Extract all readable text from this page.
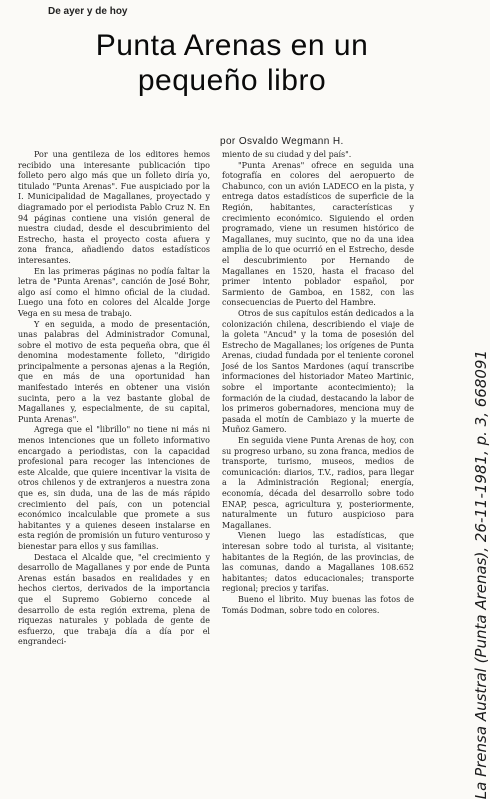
De ayer y de hoy
Punta Arenas en un
pequeño libro
por Osvaldo Wegmann H.

Por una gentileza de los editores hemos recibido una interesante publicación tipo folleto pero algo más que un folleto diría yo, titulado "Punta Arenas". Fue auspiciado por la I. Municipalidad de Magallanes, proyectado y diagramado por el periodista Pablo Cruz N. En 94 páginas contiene una visión general de nuestra ciudad, desde el descubrimiento del Estrecho, hasta el proyecto costa afuera y zona franca, añadiendo datos estadísticos interesantes.

En las primeras páginas no podía faltar la letra de "Punta Arenas", canción de José Bohr, algo así como el himno oficial de la ciudad. Luego una foto en colores del Alcalde Jorge Vega en su mesa de trabajo.

Y en seguida, a modo de presentación, unas palabras del Administrador Comunal, sobre el motivo de esta pequeña obra, que él denomina modestamente folleto, "dirigido principalmente a personas ajenas a la Región, que en más de una oportunidad han manifestado interés en obtener una visión sucinta, pero a la vez bastante global de Magallanes y, especialmente, de su capital, Punta Arenas".

Agrega que el "librillo" no tiene ni más ni menos intenciones que un folleto informativo encargado a periodistas, con la capacidad profesional para recoger las intenciones de este Alcalde, que quiere incentivar la visita de otros chilenos y de extranjeros a nuestra zona que es, sin duda, una de las de más rápido crecimiento del país, con un potencial económico incalculable que promete a sus habitantes y a quienes deseen instalarse en esta región de promisión un futuro venturoso y bienestar para ellos y sus familias.

Destaca el Alcalde que, "el crecimiento y desarrollo de Magallanes y por ende de Punta Arenas están basados en realidades y en hechos ciertos, derivados de la importancia que el Supremo Gobierno concede al desarrollo de esta región extrema, plena de riquezas naturales y poblada de gente de esfuerzo, que trabaja día a día por el engrandeci-

miento de su ciudad y del país".

"Punta Arenas" ofrece en seguida una fotografía en colores del aeropuerto de Chabunco, con un avión LADECO en la pista, y entrega datos estadísticos de superficie de la Región, habitantes, características y crecimiento económico. Siguiendo el orden programado, viene un resumen histórico de Magallanes, muy sucinto, que no da una idea amplia de lo que ocurrió en el Estrecho, desde el descubrimiento por Hernando de Magallanes en 1520, hasta el fracaso del primer intento poblador español, por Sarmiento de Gamboa, en 1582, con las consecuencias de Puerto del Hambre.

Otros de sus capítulos están dedicados a la colonización chilena, describiendo el viaje de la goleta "Ancud" y la toma de posesión del Estrecho de Magallanes; los orígenes de Punta Arenas, ciudad fundada por el teniente coronel José de los Santos Mardones (aquí transcribe informaciones del historiador Mateo Martinic, sobre el importante acontecimiento); la formación de la ciudad, destacando la labor de los primeros gobernadores, menciona muy de pasada el motín de Cambiazo y la muerte de Muñoz Gamero.

En seguida viene Punta Arenas de hoy, con su progreso urbano, su zona franca, medios de transporte, turismo, museos, medios de comunicación: diarios, T.V., radios, para llegar a la Administración Regional; energía, economía, década del desarrollo sobre todo ENAP, pesca, agricultura y, posteriormente, naturalmente un futuro auspicioso para Magallanes.

Vienen luego las estadísticas, que interesan sobre todo al turista, al visitante; habitantes de la Región, de las provincias, de las comunas, dando a Magallanes 108.652 habitantes; datos educacionales; transporte regional; precios y tarifas.

Bueno el librito. Muy buenas las fotos de Tomás Dodman, sobre todo en colores.	La Prensa Austral (Punta Arenas), 26-11-1981, p. 3, 668091
